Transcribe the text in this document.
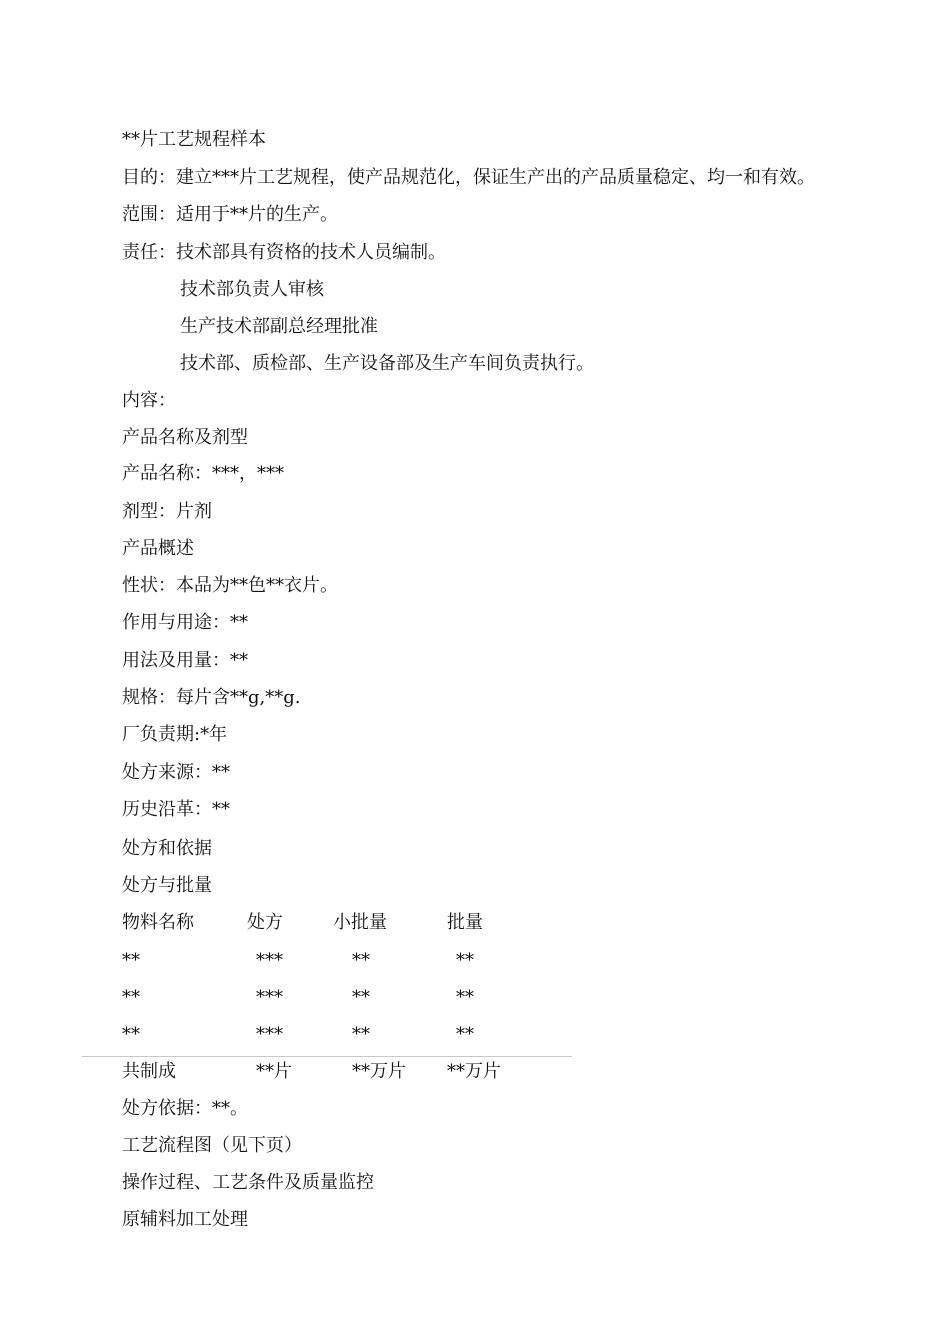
**片工艺规程样本
目的：建立***片工艺规程，使产品规范化，保证生产出的产品质量稳定、均一和有效。
范围：适用于**片的生产。
责任：技术部具有资格的技术人员编制。
技术部负责人审核
生产技术部副总经理批准
技术部、质检部、生产设备部及生产车间负责执行。
内容：
产品名称及剂型
产品名称：***，***
剂型：片剂
产品概述
性状：本品为**色**衣片。
作用与用途：**
用法及用量：**
规格：每片含**g,**g.
厂负责期:*年
处方来源：**
历史沿革：**
处方和依据
处方与批量
物料名称	处方	小批量	批量
**	***	**	**
**	***	**	**
**	***	**	**
共制成	**片	**万片 **万片
处方依据：**。
工艺流程图（见下页）
操作过程、工艺条件及质量监控
原辅料加工处理
